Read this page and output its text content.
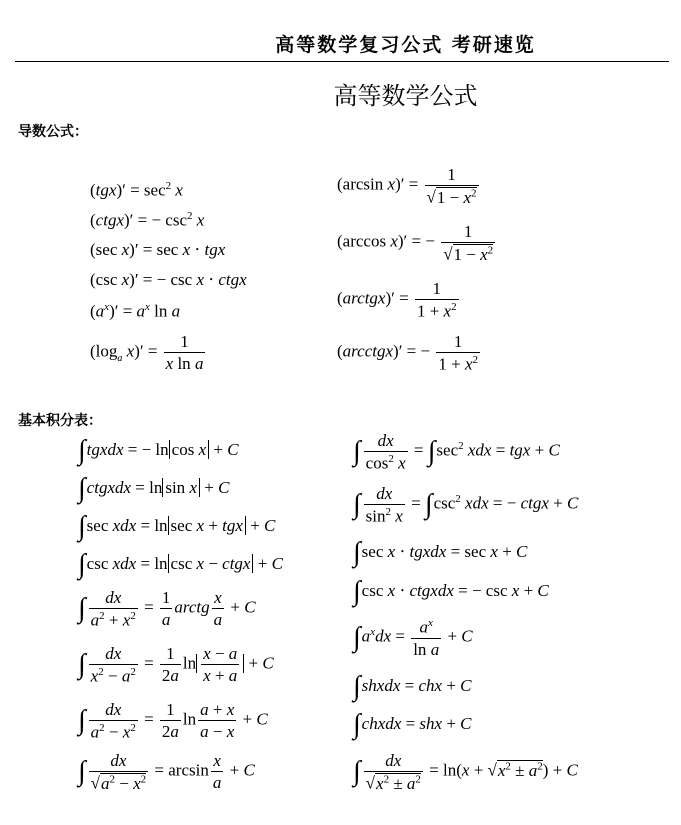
高等数学复习公式 考研速览
高等数学公式
导数公式：
$(tgx)' = \sec^2 x$
(ctgx)′ = − $\csc^2 x$
(sec x)′ = sec x ⋅ tgx
(csc x)′ = − csc x ⋅ ctgx
$(a^x)' = a^x$ ln a
($\log_a$ $x)' = \frac{1}{\text{x ln a}}$
(arcsin $x)' = \frac{1}{√1 - x^2}$
(arccos x)′ = − $\frac{1}{√1 - x^2}$
(arctgx)′ = $\frac{1}{1 + x^2}$
(arcctgx)′ = − $\frac{1}{1 + x^2}$
基本积分表：
∫tgxdx = − ln cos x + C
∫ctgxdx = ln sin x + C
∫sec xdx = ln sec x + tgx + C
∫csc xdx = ln csc x − ctgx + C
∫ $\frac{dx}{a^2 + x^2} = \frac{1}{a}$ arctg $\frac{x}{a} + C$
∫ $\frac{dx}{x^2 - a^2} = \frac{1}{2a}$ $\ln \frac{x - a}{x + a} + C$
∫ $\frac{dx}{a^2 - x^2} = \frac{1}{2a}$ $\ln \frac{a + x}{a - x} + C$
∫ $\frac{dx}{√a^2 - x^2} = \arcsin \frac{x}{a} + C$
∫ $\frac{dx}{\cos^2 x} = \int\sec^2$ xdx = tgx + C
∫ $\frac{dx}{\sin^2 x} = \int\csc^2$ xdx = − ctgx + C
∫sec x ⋅ tgxdx = sec x + C
∫csc x ⋅ ctgxdx = − csc x + C
$\int a^xdx = \frac{a^x}{\text{ln a}} + C$
∫shxdx = chx + C
∫chxdx = shx + C
∫ $\frac{dx}{√x^2 \pm a^2} = \ln(x + √x^2 \pm a^2) + C$
